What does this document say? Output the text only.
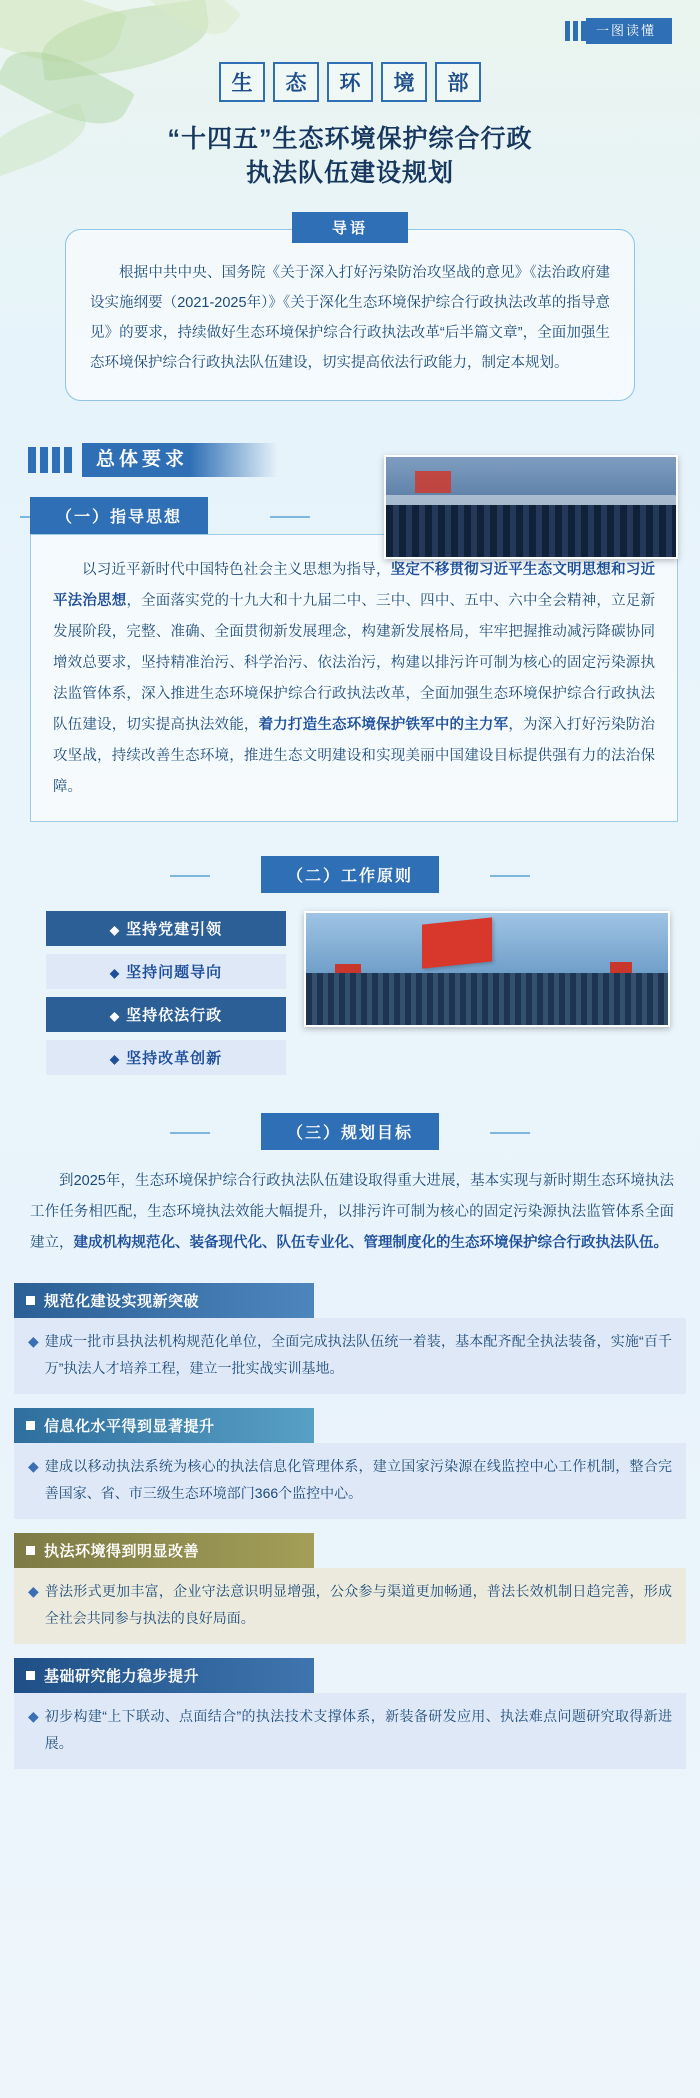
一图读懂
生	态	环	境	部
“十四五”生态环境保护综合行政
执法队伍建设规划
导语
根据中共中央、国务院《关于深入打好污染防治攻坚战的意见》《法治政府建设实施纲要（2021-2025年）》《关于深化生态环境保护综合行政执法改革的指导意见》的要求，持续做好生态环境保护综合行政执法改革“后半篇文章”，全面加强生态环境保护综合行政执法队伍建设，切实提高依法行政能力，制定本规划。
总体要求
（一）指导思想
以习近平新时代中国特色社会主义思想为指导，坚定不移贯彻习近平生态文明思想和习近平法治思想，全面落实党的十九大和十九届二中、三中、四中、五中、六中全会精神，立足新发展阶段，完整、准确、全面贯彻新发展理念，构建新发展格局，牢牢把握推动减污降碳协同增效总要求，坚持精准治污、科学治污、依法治污，构建以排污许可制为核心的固定污染源执法监管体系，深入推进生态环境保护综合行政执法改革，全面加强生态环境保护综合行政执法队伍建设，切实提高执法效能，着力打造生态环境保护铁军中的主力军，为深入打好污染防治攻坚战，持续改善生态环境，推进生态文明建设和实现美丽中国建设目标提供强有力的法治保障。
（二）工作原则
◆ 坚持党建引领
◆ 坚持问题导向
◆ 坚持依法行政
◆ 坚持改革创新
（三）规划目标
到2025年，生态环境保护综合行政执法队伍建设取得重大进展，基本实现与新时期生态环境执法工作任务相匹配，生态环境执法效能大幅提升，以排污许可制为核心的固定污染源执法监管体系全面建立，建成机构规范化、装备现代化、队伍专业化、管理制度化的生态环境保护综合行政执法队伍。
规范化建设实现新突破
◆ 建成一批市县执法机构规范化单位，全面完成执法队伍统一着装，基本配齐配全执法装备，实施“百千万”执法人才培养工程，建立一批实战实训基地。
信息化水平得到显著提升
◆ 建成以移动执法系统为核心的执法信息化管理体系，建立国家污染源在线监控中心工作机制，整合完善国家、省、市三级生态环境部门366个监控中心。
执法环境得到明显改善
◆ 普法形式更加丰富，企业守法意识明显增强，公众参与渠道更加畅通，普法长效机制日趋完善，形成全社会共同参与执法的良好局面。
基础研究能力稳步提升
◆ 初步构建“上下联动、点面结合”的执法技术支撑体系，新装备研发应用、执法难点问题研究取得新进展。
